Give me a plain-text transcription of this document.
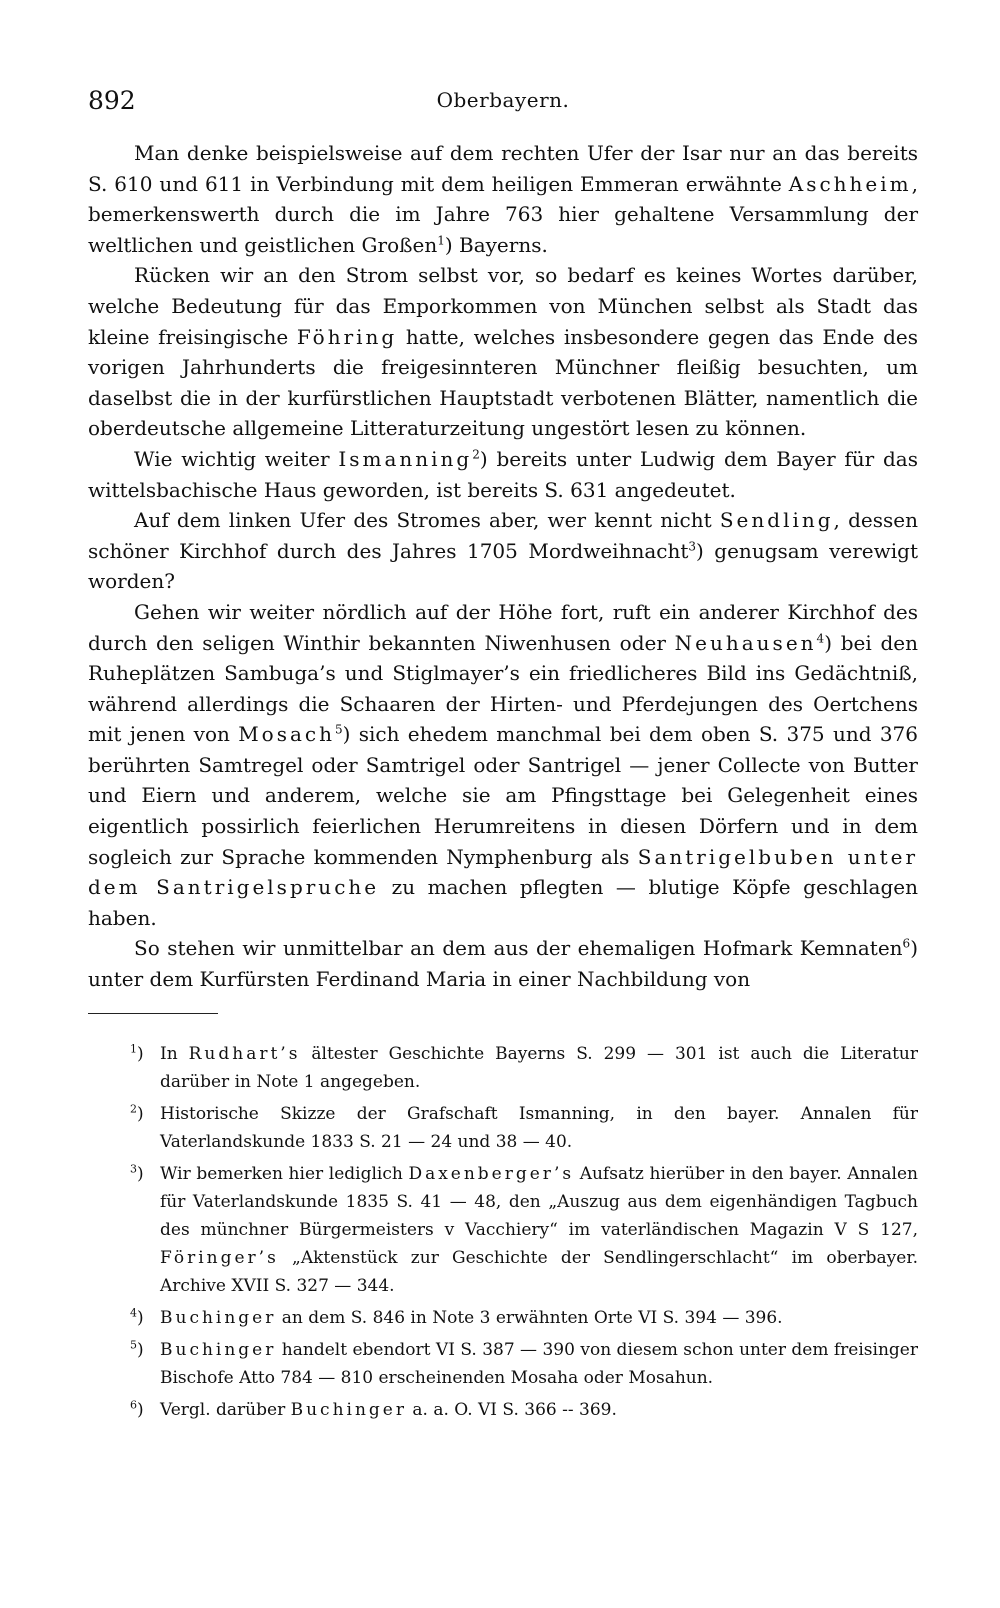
892	Oberbayern.

Man denke beispielsweise auf dem rechten Ufer der Isar nur an das bereits S. 610 und 611 in Verbindung mit dem heiligen Emmeran erwähnte Aschheim, bemerkenswerth durch die im Jahre 763 hier gehaltene Versammlung der weltlichen und geistlichen Großen$^1$) Bayerns.

Rücken wir an den Strom selbst vor, so bedarf es keines Wortes darüber, welche Bedeutung für das Emporkommen von München selbst als Stadt das kleine freisingische Föhring hatte, welches insbesondere gegen das Ende des vorigen Jahrhunderts die freigesinnteren Münchner fleißig besuchten, um daselbst die in der kurfürstlichen Hauptstadt verbotenen Blätter, namentlich die oberdeutsche allgemeine Litteraturzeitung ungestört lesen zu können.

Wie wichtig weiter Ismanning$^2$) bereits unter Ludwig dem Bayer für das wittelsbachische Haus geworden, ist bereits S. 631 angedeutet.

Auf dem linken Ufer des Stromes aber, wer kennt nicht Sendling, dessen schöner Kirchhof durch des Jahres 1705 Mordweihnacht$^3$) genugsam verewigt worden?

Gehen wir weiter nördlich auf der Höhe fort, ruft ein anderer Kirchhof des durch den seligen Winthir bekannten Niwenhusen oder Neuhausen$^4$) bei den Ruheplätzen Sambuga’s und Stiglmayer’s ein friedlicheres Bild ins Gedächtniß, während allerdings die Schaaren der Hirten- und Pferdejungen des Oertchens mit jenen von Mosach$^5$) sich ehedem manchmal bei dem oben S. 375 und 376 berührten Samtregel oder Samtrigel oder Santrigel — jener Collecte von Butter und Eiern und anderem, welche sie am Pfingsttage bei Gelegenheit eines eigentlich possirlich feierlichen Herumreitens in diesen Dörfern und in dem sogleich zur Sprache kommenden Nymphenburg als Santrigelbuben unter dem Santrigelspruche zu machen pflegten — blutige Köpfe geschlagen haben.

So stehen wir unmittelbar an dem aus der ehemaligen Hofmark Kemnaten$^6$) unter dem Kurfürsten Ferdinand Maria in einer Nachbildung von

$^1$) In Rudhart’s ältester Geschichte Bayerns S. 299 — 301 ist auch die Literatur darüber in Note 1 angegeben.
$^2$) Historische Skizze der Grafschaft Ismanning, in den bayer. Annalen für Vaterlandskunde 1833 S. 21 — 24 und 38 — 40.
$^3$) Wir bemerken hier lediglich Daxenberger’s Aufsatz hierüber in den bayer. Annalen für Vaterlandskunde 1835 S. 41 — 48, den „Auszug aus dem eigenhändigen Tagbuch des münchner Bürgermeisters v Vacchiery“ im vaterländischen Magazin V S 127, Föringer’s „Aktenstück zur Geschichte der Sendlingerschlacht“ im oberbayer. Archive XVII S. 327 — 344.
$^4$) Buchinger an dem S. 846 in Note 3 erwähnten Orte VI S. 394 — 396.
$^5$) Buchinger handelt ebendort VI S. 387 — 390 von diesem schon unter dem freisinger Bischofe Atto 784 — 810 erscheinenden Mosaha oder Mosahun.
$^6$) Vergl. darüber Buchinger a. a. O. VI S. 366 -- 369.
